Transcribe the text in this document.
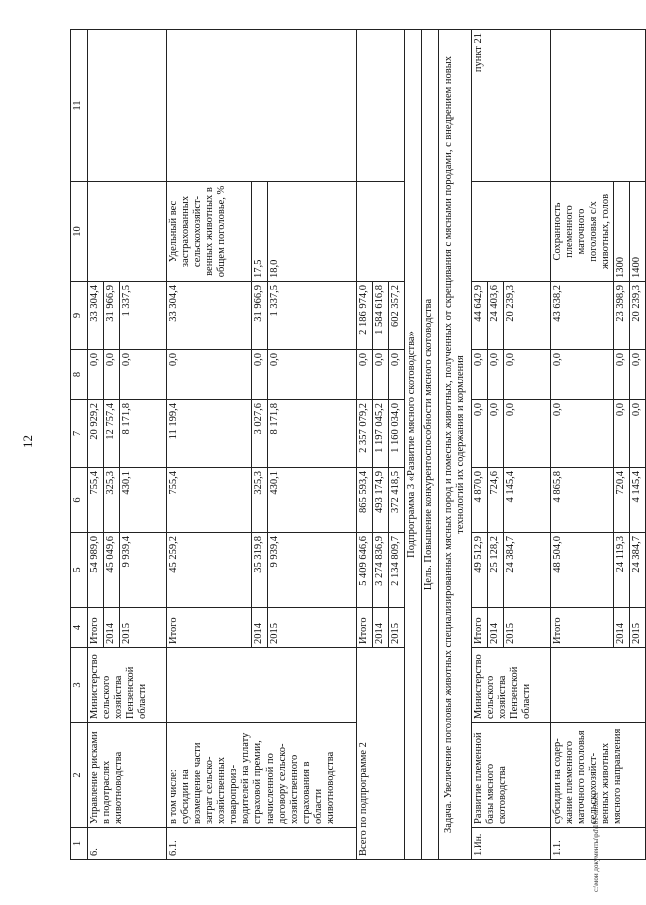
12
c:\мои документы\рd\101-пп.docx
1	2	3	4	5	6	7	8	9	10	11
6.	Управление рисками в подотраслях животноводства	Министерство сельского хозяйства Пензенской области	Итого	54 989,0	755,4	20 929,2	0,0	33 304,4		
			2014	45 049,6	325,3	12 757,4	0,0	31 966,9		
			2015	9 939,4	430,1	8 171,8	0,0	1 337,5		
6.1.	в том числе: субсидии на возмещение части затрат сельско-хозяйственных товаропроиз-водителей на уплату страховой премии, начисленной по договору сельско-хозяйственного страхования в области животноводства		Итого	45 259,2	755,4	11 199,4	0,0	33 304,4	Удельный вес застрахованных сельскохозяйст-венных животных в общем поголовье, %	
			2014	35 319,8	325,3	3 027,6	0,0	31 966,9	17,5	
			2015	9 939,4	430,1	8 171,8	0,0	1 337,5	18,0	
Всего по подпрограмме 2			Итого	5 409 646,6	865 593,4	2 357 079,2	0,0	2 186 974,0		
			2014	3 274 836,9	493 174,9	1 197 045,2	0,0	1 584 616,8		
			2015	2 134 809,7	372 418,5	1 160 034,0	0,0	602 357,2		
Подпрограмма 3 «Развитие мясного скотоводства»										
Цель. Повышение конкурентоспособности мясного скотоводства										
Задача. Увеличение поголовья животных специализированных мясных пород и помесных животных, полученных от скрещивания с мясными породами, с внедрением новых технологий их содержания и кормления										
1.Ин.	Развитие племенной базы мясного скотоводства	Министерство сельского хозяйства Пензенской области	Итого	49 512,9	4 870,0	0,0	0,0	44 642,9		пункт 21
			2014	25 128,2	724,6	0,0	0,0	24 403,6		
			2015	24 384,7	4 145,4	0,0	0,0	20 239,3		
1.1.	субсидии на содер-жание племенного маточного поголовья сельскохозяйст-венных животных мясного направления		Итого	48 504,0	4 865,8	0,0	0,0	43 638,2	Сохранность племенного маточного поголовья с/х животных, голов	
			2014	24 119,3	720,4	0,0	0,0	23 398,9	1300	
			2015	24 384,7	4 145,4	0,0	0,0	20 239,3	1400	
